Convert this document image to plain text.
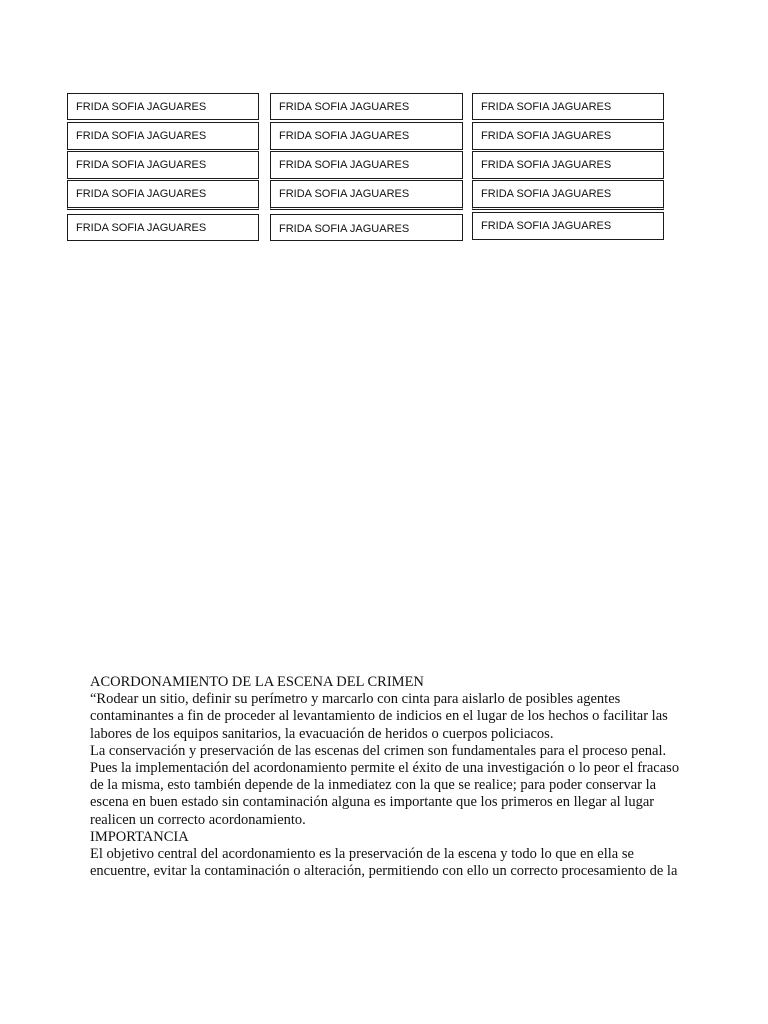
FRIDA SOFIA JAGUARES	FRIDA SOFIA JAGUARES	FRIDA SOFIA JAGUARES
FRIDA SOFIA JAGUARES	FRIDA SOFIA JAGUARES	FRIDA SOFIA JAGUARES
FRIDA SOFIA JAGUARES	FRIDA SOFIA JAGUARES	FRIDA SOFIA JAGUARES
FRIDA SOFIA JAGUARES	FRIDA SOFIA JAGUARES	FRIDA SOFIA JAGUARES
FRIDA SOFIA JAGUARES	FRIDA SOFIA JAGUARES	FRIDA SOFIA JAGUARES
ACORDONAMIENTO DE LA ESCENA DEL CRIMEN
“Rodear un sitio, definir su perímetro y marcarlo con cinta para aislarlo de posibles agentes
contaminantes a fin de proceder al levantamiento de indicios en el lugar de los hechos o facilitar las
labores de los equipos sanitarios, la evacuación de heridos o cuerpos policiacos.
La conservación y preservación de las escenas del crimen son fundamentales para el proceso penal.
Pues la implementación del acordonamiento permite el éxito de una investigación o lo peor el fracaso
de la misma, esto también depende de la inmediatez con la que se realice; para poder conservar la
escena en buen estado sin contaminación alguna es importante que los primeros en llegar al lugar
realicen un correcto acordonamiento.
IMPORTANCIA
El objetivo central del acordonamiento es la preservación de la escena y todo lo que en ella se
encuentre, evitar la contaminación o alteración, permitiendo con ello un correcto procesamiento de la
